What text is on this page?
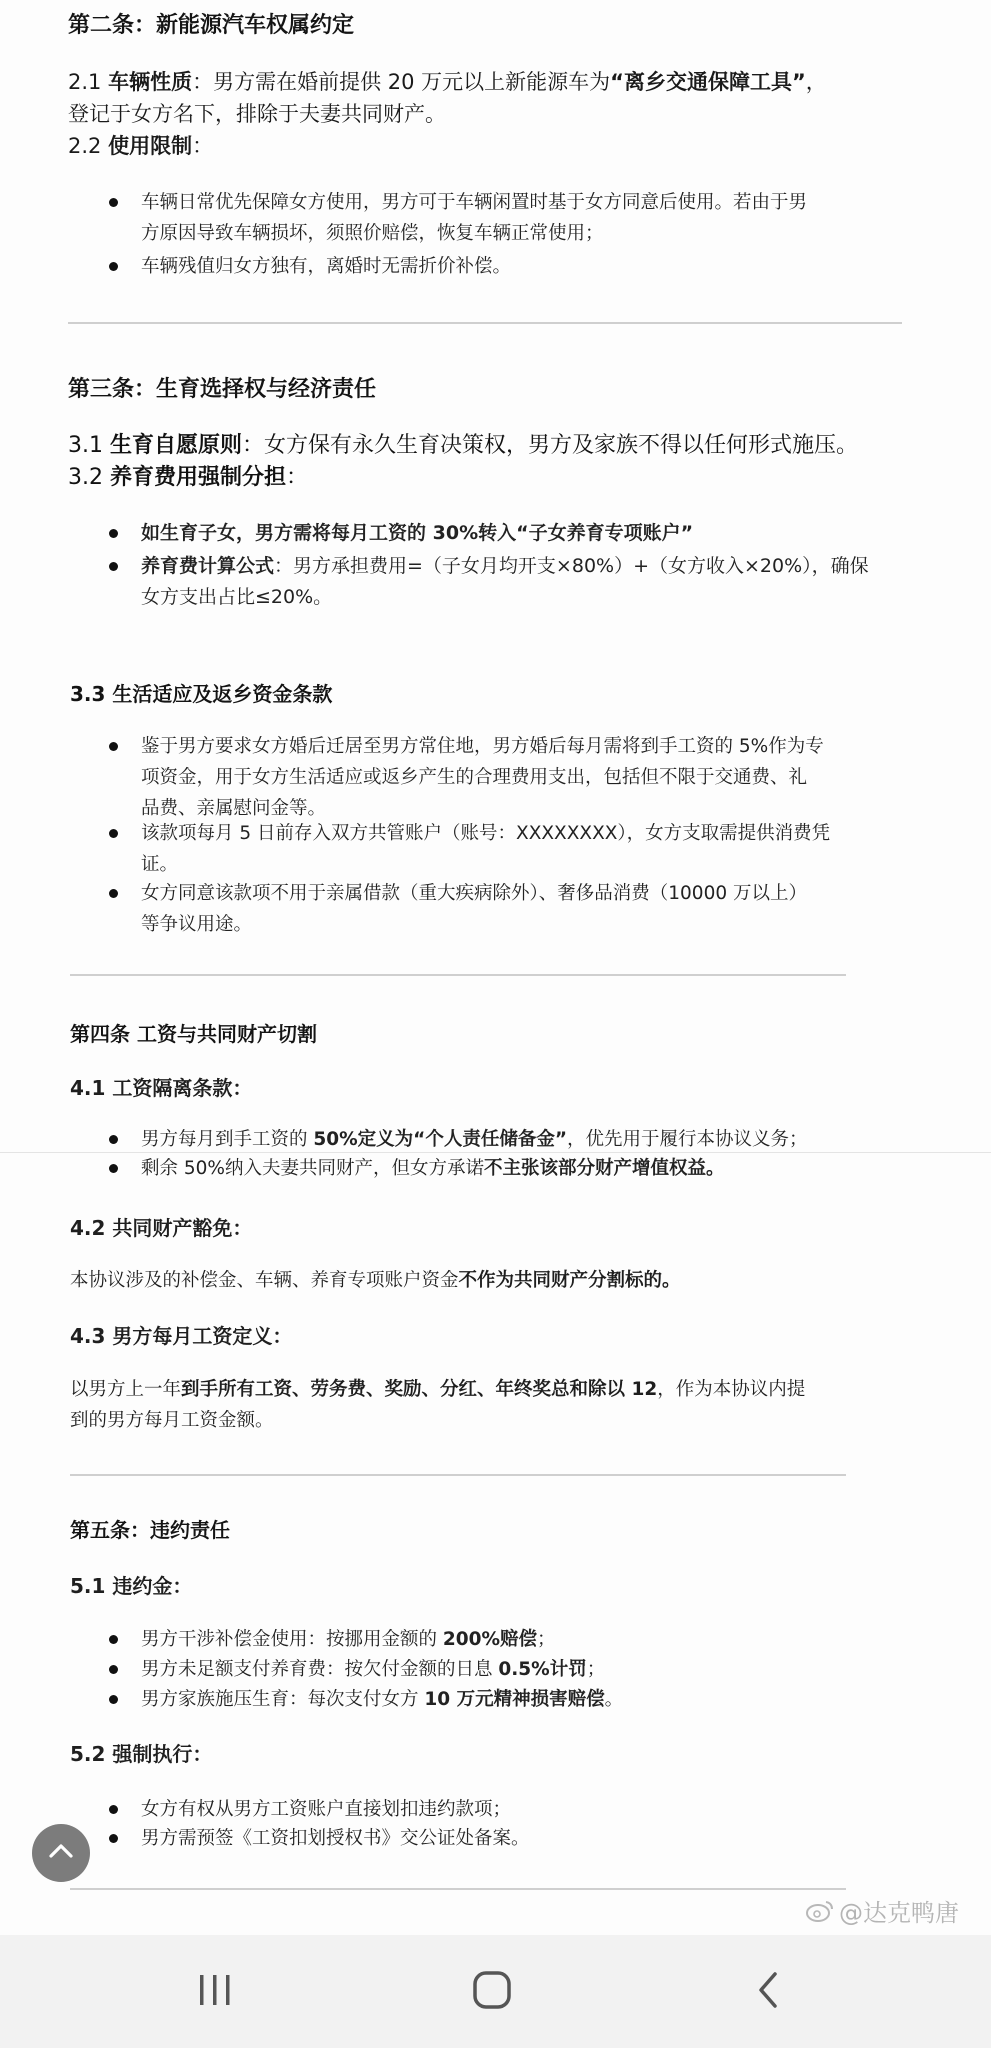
第二条：新能源汽车权属约定
2.1 车辆性质：男方需在婚前提供 20 万元以上新能源车为“离乡交通保障工具”，
登记于女方名下，排除于夫妻共同财产。
2.2 使用限制：
车辆日常优先保障女方使用，男方可于车辆闲置时基于女方同意后使用。若由于男
方原因导致车辆损坏，须照价赔偿，恢复车辆正常使用；
车辆残值归女方独有，离婚时无需折价补偿。
第三条：生育选择权与经济责任
3.1 生育自愿原则：女方保有永久生育决策权，男方及家族不得以任何形式施压。
3.2 养育费用强制分担：
如生育子女，男方需将每月工资的 30%转入“子女养育专项账户”
养育费计算公式：男方承担费用=（子女月均开支×80%）+（女方收入×20%），确保
女方支出占比≤20%。
3.3 生活适应及返乡资金条款
鉴于男方要求女方婚后迁居至男方常住地，男方婚后每月需将到手工资的 5%作为专
项资金，用于女方生活适应或返乡产生的合理费用支出，包括但不限于交通费、礼
品费、亲属慰问金等。
该款项每月 5 日前存入双方共管账户（账号：XXXXXXXX），女方支取需提供消费凭
证。
女方同意该款项不用于亲属借款（重大疾病除外）、奢侈品消费（10000 万以上）
等争议用途。
第四条 工资与共同财产切割
4.1 工资隔离条款：
男方每月到手工资的 50%定义为“个人责任储备金”，优先用于履行本协议义务；
剩余 50%纳入夫妻共同财产，但女方承诺不主张该部分财产增值权益。
4.2 共同财产豁免：
本协议涉及的补偿金、车辆、养育专项账户资金不作为共同财产分割标的。
4.3 男方每月工资定义：
以男方上一年到手所有工资、劳务费、奖励、分红、年终奖总和除以 12，作为本协议内提
到的男方每月工资金额。
第五条：违约责任
5.1 违约金：
男方干涉补偿金使用：按挪用金额的 200%赔偿；
男方未足额支付养育费：按欠付金额的日息 0.5%计罚；
男方家族施压生育：每次支付女方 10 万元精神损害赔偿。
5.2 强制执行：
女方有权从男方工资账户直接划扣违约款项；
男方需预签《工资扣划授权书》交公证处备案。
@达克鸭唐
